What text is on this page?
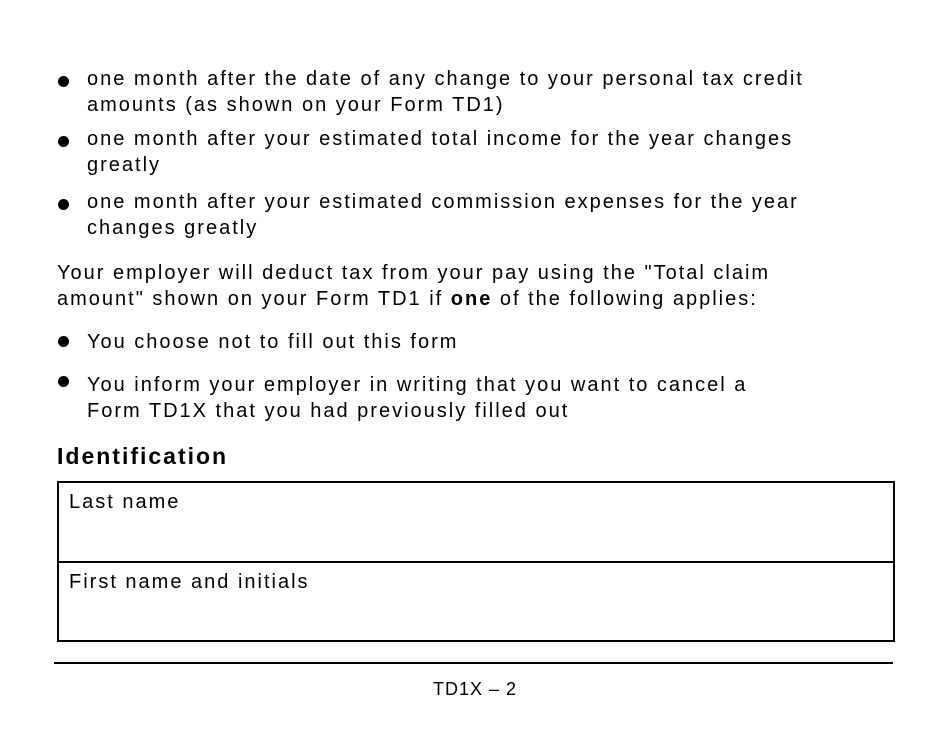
one month after the date of any change to your personal tax credit
amounts (as shown on your Form TD1)
one month after your estimated total income for the year changes
greatly
one month after your estimated commission expenses for the year
changes greatly
Your employer will deduct tax from your pay using the "Total claim
amount" shown on your Form TD1 if one of the following applies:
You choose not to fill out this form
You inform your employer in writing that you want to cancel a
Form TD1X that you had previously filled out
Identification
Last name
First name and initials
TD1X – 2
